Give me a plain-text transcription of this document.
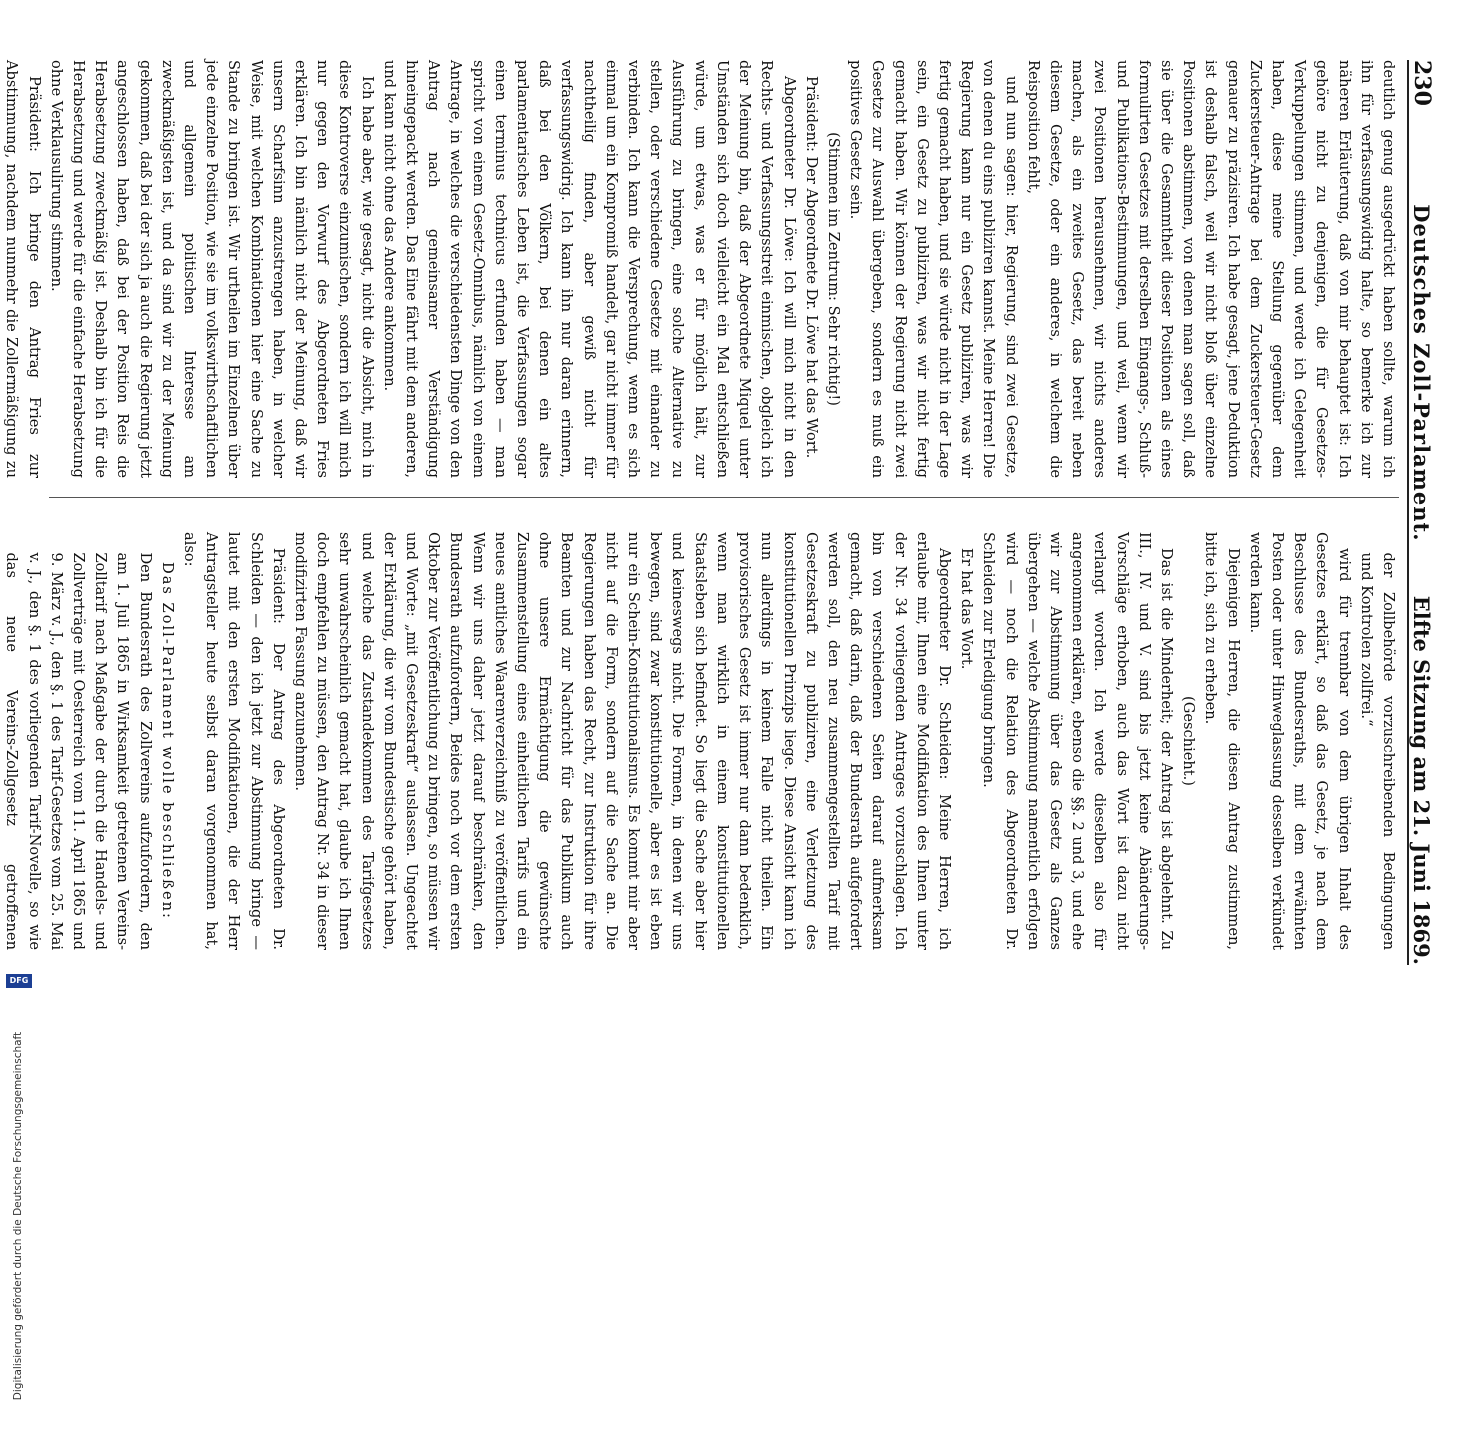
230
Deutsches Zoll-Parlament.
Elfte Sitzung am 21. Juni 1869.

deutlich genug ausgedrückt haben sollte, warum ich ihn für verfassungswidrig halte, so bemerke ich zur näheren Erläuterung, daß von mir behauptet ist: Ich gehöre nicht zu denjenigen, die für Gesetzes-Verkuppelungen stimmen, und werde ich Gelegenheit haben, diese meine Stellung gegenüber dem Zuckersteuer-Antrage bei dem Zuckersteuer-Gesetz genauer zu präzisiren. Ich habe gesagt, jene Deduktion ist deshalb falsch, weil wir nicht bloß über einzelne Positionen abstimmen, von denen man sagen soll, daß sie über die Gesammtheit dieser Positionen als eines formulirten Gesetzes mit derselben Eingangs-, Schluß- und Publikations-Bestimmungen, und weil, wenn wir zwei Positionen herausnehmen, wir nichts anderes machen, als ein zweites Gesetz, das bereit neben diesem Gesetze, oder ein anderes, in welchem die Reisposition fehlt,

und nun sagen: hier, Regierung, sind zwei Gesetze, von denen du eins publiziren kannst. Meine Herren! Die Regierung kann nur ein Gesetz publiziren, was wir fertig gemacht haben, und sie würde nicht in der Lage sein, ein Gesetz zu publiziren, was wir nicht fertig gemacht haben. Wir können der Regierung nicht zwei Gesetze zur Auswahl übergeben, sondern es muß ein positives Gesetz sein.

(Stimmen im Zentrum: Sehr richtig!)

Präsident: Der Abgeordnete Dr. Löwe hat das Wort.

Abgeordneter Dr. Löwe: Ich will mich nicht in den Rechts- und Verfassungsstreit einmischen, obgleich ich der Meinung bin, daß der Abgeordnete Miquel unter Umständen sich doch vielleicht ein Mal entschließen würde, um etwas, was er für möglich hält, zur Ausführung zu bringen, eine solche Alternative zu stellen, oder verschiedene Gesetze mit einander zu verbinden. Ich kann die Versprechung, wenn es sich einmal um ein Kompromiß handelt, gar nicht immer für nachtheilig finden, aber gewiß nicht für verfassungswidrig. Ich kann ihn nur daran erinnern, daß bei den Völkern, bei denen ein altes parlamentarisches Leben ist, die Verfassungen sogar einen terminus technicus erfunden haben — man spricht von einem Gesetz-Omnibus, nämlich von einem Antrage, in welches die verschiedensten Dinge von den Antrag nach gemeinsamer Verständigung hineingepackt werden. Das Eine fährt mit dem anderen, und kann nicht ohne das Andere ankommen.

Ich habe aber, wie gesagt, nicht die Absicht, mich in diese Kontroverse einzumischen, sondern ich will mich nur gegen den Vorwurf des Abgeordneten Fries erklären. Ich bin nämlich nicht der Meinung, daß wir unsern Scharfsinn anzustrengen haben, in welcher Weise, mit welchen Kombinationen hier eine Sache zu Stande zu bringen ist. Wir urtheilen im Einzelnen über jede einzelne Position, wie sie im volkswirthschaftlichen und allgemein politischen Interesse am zweckmäßigsten ist, und da sind wir zu der Meinung gekommen, daß bei der sich ja auch die Regierung jetzt angeschlossen haben, daß bei der Position Reis die Herabsetzung zweckmäßig ist. Deshalb bin ich für die Herabsetzung und werde für die einfache Herabsetzung ohne Verklausulirung stimmen.

Präsident: Ich bringe den Antrag Fries zur Abstimmung, nachdem nunmehr die Zollermäßigung zu

der Zollbehörde vorzuschreibenden Bedingungen und Kontrolen zollfrei.“

wird für trennbar von dem übrigen Inhalt des Gesetzes erklärt, so daß das Gesetz, je nach dem Beschlusse des Bundesraths, mit dem erwähnten Posten oder unter Hinweglassung desselben verkündet werden kann.

Diejenigen Herren, die diesen Antrag zustimmen, bitte ich, sich zu erheben.

(Geschieht.)

Das ist die Minderheit; der Antrag ist abgelehnt. Zu III., IV. und V. sind bis jetzt keine Abänderungs-Vorschläge erhoben, auch das Wort ist dazu nicht verlangt worden. Ich werde dieselben also für angenommen erklären, ebenso die §§. 2 und 3, und ehe wir zur Abstimmung über das Gesetz als Ganzes übergehen — welche Abstimmung namentlich erfolgen wird — noch die Relation des Abgeordneten Dr. Schleiden zur Erledigung bringen.

Er hat das Wort.

Abgeordneter Dr. Schleiden: Meine Herren, ich erlaube mir, Ihnen eine Modifikation des Ihnen unter der Nr. 34 vorliegenden Antrages vorzuschlagen. Ich bin von verschiedenen Seiten darauf aufmerksam gemacht, daß darin, daß der Bundesrath aufgefordert werden soll, den neu zusammengestellten Tarif mit Gesetzeskraft zu publiziren, eine Verletzung des konstitutionellen Prinzips liege. Diese Ansicht kann ich nun allerdings in keinem Falle nicht theilen. Ein provisorisches Gesetz ist immer nur dann bedenklich, wenn man wirklich in einem konstitutionellen Staatsleben sich befindet. So liegt die Sache aber hier und keineswegs nicht. Die Formen, in denen wir uns bewegen, sind zwar konstitutionelle, aber es ist eben nur ein Schein-Konstitutionalismus. Es kommt mir aber nicht auf die Form, sondern auf die Sache an. Die Regierungen haben das Recht, zur Instruktion für ihre Beamten und zur Nachricht für das Publikum auch ohne unsere Ermächtigung die gewünschte Zusammenstellung eines einheitlichen Tarifs und ein neues amtliches Waarenverzeichniß zu veröffentlichen. Wenn wir uns daher jetzt darauf beschränken, den Bundesrath aufzufordern, Beides noch vor dem ersten Oktober zur Veröffentlichung zu bringen, so müssen wir und Worte: „mit Gesetzeskraft“ auslassen. Ungeachtet der Erklärung, die wir vom Bundestische gehört haben, und welche das Zustandekommen des Tarifgesetzes sehr unwahrscheinlich gemacht hat, glaube ich Ihnen doch empfehlen zu müssen, den Antrag Nr. 34 in dieser modifizirten Fassung anzunehmen.

Präsident: Der Antrag des Abgeordneten Dr. Schleiden — den ich jetzt zur Abstimmung bringe — lautet mit den ersten Modifikationen, die der Herr Antragsteller heute selbst daran vorgenommen hat, also:

Das Zoll-Parlament wolle beschließen:

Den Bundesrath des Zollvereins aufzufordern, den am 1. Juli 1865 in Wirksamkeit getretenen Vereins-Zolltarif nach Maßgabe der durch die Handels- und Zollverträge mit Oesterreich vom 11. April 1865 und 9. März v. J., den §. 1 des Tarif-Gesetzes vom 25. Mai v. J., den §. 1 des vorliegenden Tarif-Novelle, so wie das neue Vereins-Zollgesetz getroffenen

Digitalisierung gefördert durch die Deutsche Forschungsgemeinschaft
DFG
